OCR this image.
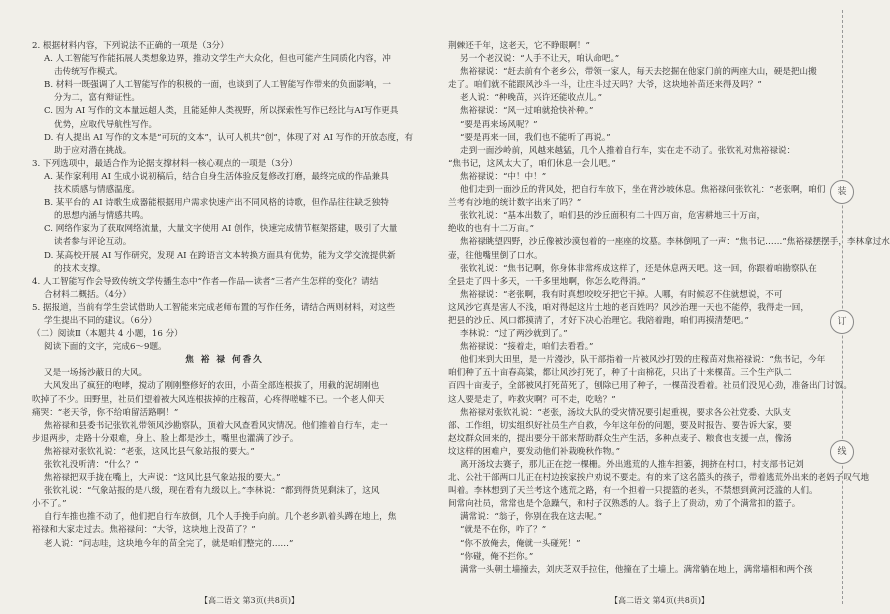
2. 根据材料内容，下列说法不正确的一项是（3分）
A. 人工智能写作能拓展人类想象边界，推动文学生产大众化，但也可能产生同质化内容，冲
击传统写作模式。
B. 材料一既强调了人工智能写作的积极的一面，也谈到了人工智能写作带来的负面影响，一
分为二，富有辩证性。
C. 因为 AI 写作的文本量远超人类，且能延伸人类视野，所以探索性写作已经比与AI写作更具
优势，应取代导航性写作。
D. 有人提出 AI 写作的文本是“可玩的文本”，认可人机共“创”，体现了对 AI 写作的开放态度，有
助于应对潜在挑战。
3. 下列选项中，最适合作为论据支撑材料一核心观点的一项是（3分）
A. 某作家利用 AI 生成小说初稿后，结合自身生活体验反复修改打磨，最终完成的作品兼具
技术质感与情感温度。
B. 某平台的 AI 诗歌生成器能根据用户需求快速产出不同风格的诗歌，但作品往往缺乏独特
的思想内涵与情感共鸣。
C. 网络作家为了获取网络流量，大量文字使用 AI 创作，快速完成情节框架搭建，吸引了大量
读者参与评论互动。
D. 某高校开展 AI 写作研究，发现 AI 在跨语言文本转换方面具有优势，能为文学交流提供新
的技术支撑。
4. 人工智能写作会导致传统文学传播生态中“作者—作品—读者”三者产生怎样的变化？请结
合材料二概括。（4分）
5. 据报道，当前有学生尝试借助人工智能来完成老师布置的写作任务，请结合两则材料，对这些
学生提出不同的建议。（6分）
（二）阅读Ⅱ（本题共 4 小题，16 分）
阅读下面的文字，完成6～9题。
焦 裕 禄 何香久
又是一场扬沙蔽日的大风。
大风发出了疯狂的咆哮，搅动了刚刚整修好的农田，小苗全部连根拔了，用截的泥胡刚也
吹掉了不少。田野里，社员们望着被大风连根拔掉的庄稼苗，心疼得嗟嘘不已。一个老人仰天
痛哭：“老天爷，你不给咱留活路啊！”
焦裕禄和县委书记张钦礼带领风沙勘察队，顶着大风查看风灾情况。他们推着自行车，走一
步退两步，走路十分艰难，身上、脸上都是沙土，嘴里也灌满了沙子。
焦裕禄对张钦礼说：“老张，这风比县气象站报的要大。”
张钦礼没听清：“什么？”
焦裕禄把双手拢在嘴上，大声说：“这风比县气象站报的要大。”
张钦礼说：“气象站报的是八级，现在看有九级以上。”李林说：“都到得货见剩沫了，这风
小不了。”
自行车推也推不动了，他们把自行车放倒，几个人手挽手向前。几个老乡趴着头蹲在地上，焦
裕禄和大家走过去。焦裕禄问：“大爷，这块地上没苗了？”
老人说：“问志哇，这块地今年的苗全完了，就是咱们整完的……”
荆棘还千年，这老天，它不睁眼啊！”
另一个老汉说：“人手不让天，咱认命吧。”
焦裕禄说：“赶去前有个老乡公，带领一家人，每天去挖掘在他家门前的两座大山，硬是把山搬
走了。咱们就不能跟风沙斗一斗，让庄斗过天吗？大爷，这块地补苗还来得及吗？”
老人说：“种晚苗，兴许还能收点儿。”
焦裕禄说：“风一过咱就抢快补种。”
“要是再来场风呢？”
“要是再来一回，我们也不能听了再说。”
走到一面沙岭前，风越来越猛，几个人推着自行车，实在走不动了。张钦礼对焦裕禄说：
“焦书记，这风太大了，咱们休息一会儿吧。”
焦裕禄说：“中！中！”
他们走到一面沙丘的背风处，把自行车放下，坐在背沙坡休息。焦裕禄问张钦礼：“老张啊，咱们
兰考有沙地的统计数字出来了吗？”
张钦礼说：“基本出数了，咱们县的沙丘面积有二十四万亩，危害耕地三十万亩，
绝收的也有十二万亩。”
焦裕禄眺望四野，沙丘像被沙漠包着的一座座的坟墓。李林倒吼了一声：“焦书记……”焦裕禄摆摆手，李林拿过水
壶，往他嘴里倒了口水。
张钦礼说：“焦书记啊，你身体非常疼成这样了，还是休息两天吧。这一回，你跟着咱勘察队在
全县走了四十多天，一千多里地啊，你怎么吃得消。”
焦裕禄说：“老张啊，我有时真想咬咬牙把它干掉。人哪，有时候忍不住就想说，不可
这风沙它真是害人不浅，咱对得起这片土地的老百姓吗？风沙治理一天也不能停，我得走一回，
把县的沙丘、风口都摸清了，才好下决心治理它。我陪着跑，咱们再摸清楚吧。”
李林说：“过了两沙就到了。”
焦裕禄说：“接着走，咱们去看看。”
他们来到大田里，是一片漫沙，队干部指着一片被风沙打毁的庄稼苗对焦裕禄说：“焦书记，今年
咱们种了五十亩春高粱，都让风沙打死了，种了十亩棉花，只出了十来棵苗。三个生产队二
百四十亩麦子，全部被风打死苗死了，刨除已用了种子，一棵苗没看着。社员们没见心劲，准备出门讨饭。
这人要是走了，咋救灾啊？可不走，吃啥？”
焦裕禄对张钦礼说：“老张，汤坟大队的受灾情况要引起重视，要求各公社党委、大队支
部、工作组，切实组织好社员生产自救，今年这年份的问题，要及时报告、要告诉大家，要
赵坟群众回来的，提出要分干部来帮助群众生产生活，多种点麦子、粮食也支援一点，像汤
坟这样的困难户，要发动他们补栽晚秋作物。”
离开汤坟去赛子，那儿正在挖一棵栅。外出逃荒的人推车担篓，拥挤在村口，村支部书记刘
北、公社干部两口儿正在村边挨家挨户劝说不要走。有的来了这名篮头的孩子，带着逃荒外出来的老妈子叹气地
叫着。李林想到了天兰考这个逃荒之路，有一个担着一只提篮的老头，不禁想到黄河泛滥的人们。
间常向社员，常常也是个急躁气，和村子汉熟悉的人。翁子上了贵动，劝了个满常扣的篮子。
满常说：“翁子，你别在我在这去呢。”
“就是不在你，咋了？”
“你不放俺去，俺就一头碰死！”
“你碰，俺不拦你。”
满常一头朝土墙撞去，刘庆芝双手拉住，他撞在了土墙上。满常躺在地上，满常墙相和两个孩
【高二语文 第3页(共8页)】	【高二语文 第4页(共8页)】
装
订
线
